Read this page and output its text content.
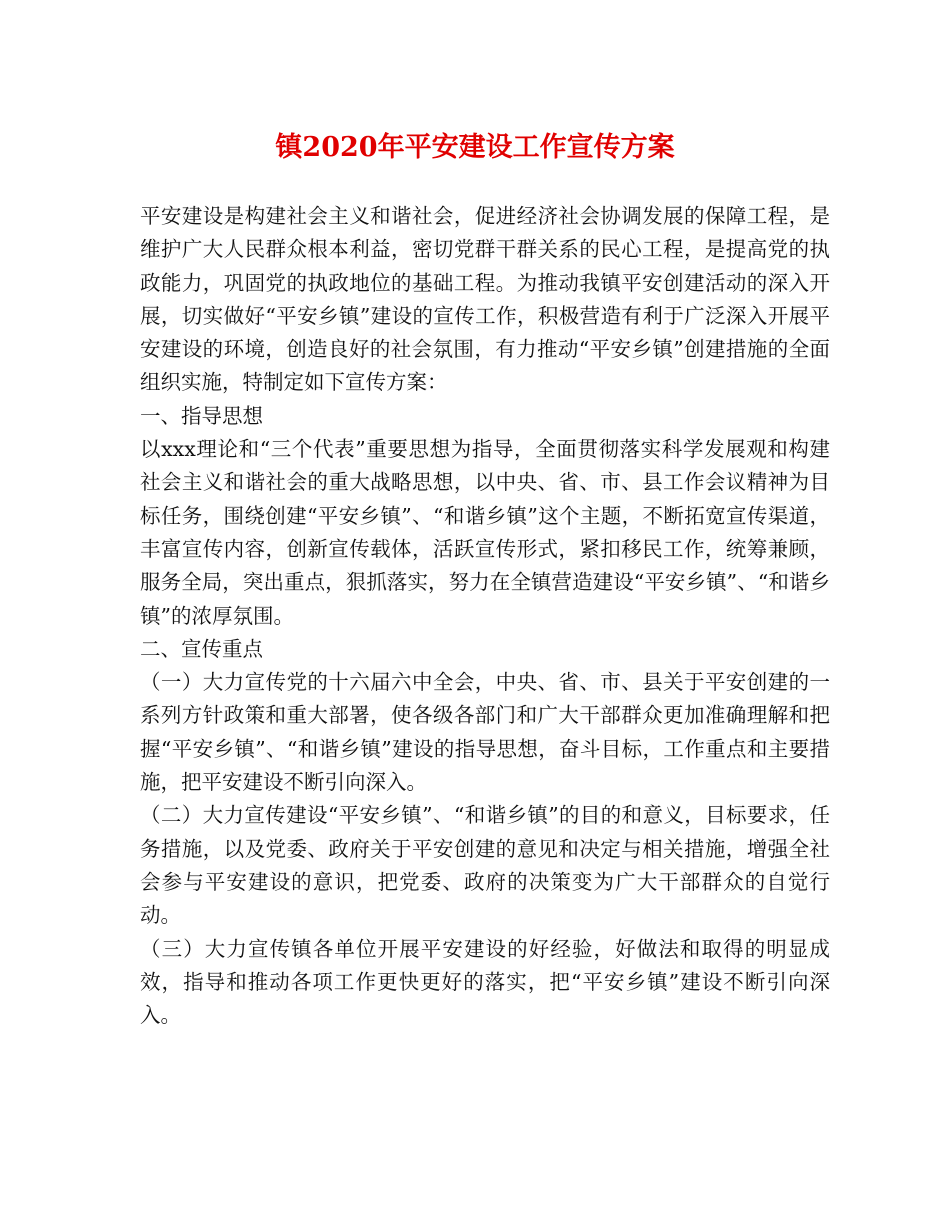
镇2020年平安建设工作宣传方案

平安建设是构建社会主义和谐社会，促进经济社会协调发展的保障工程，是维护广大人民群众根本利益，密切党群干群关系的民心工程，是提高党的执政能力，巩固党的执政地位的基础工程。为推动我镇平安创建活动的深入开展，切实做好“平安乡镇”建设的宣传工作，积极营造有利于广泛深入开展平安建设的环境，创造良好的社会氛围，有力推动“平安乡镇”创建措施的全面组织实施，特制定如下宣传方案：

一、指导思想

以xxx理论和“三个代表”重要思想为指导，全面贯彻落实科学发展观和构建社会主义和谐社会的重大战略思想，以中央、省、市、县工作会议精神为目标任务，围绕创建“平安乡镇”、“和谐乡镇”这个主题，不断拓宽宣传渠道，丰富宣传内容，创新宣传载体，活跃宣传形式，紧扣移民工作，统筹兼顾，服务全局，突出重点，狠抓落实，努力在全镇营造建设“平安乡镇”、“和谐乡镇”的浓厚氛围。

二、宣传重点

（一）大力宣传党的十六届六中全会，中央、省、市、县关于平安创建的一系列方针政策和重大部署，使各级各部门和广大干部群众更加准确理解和把握“平安乡镇”、“和谐乡镇”建设的指导思想，奋斗目标，工作重点和主要措施，把平安建设不断引向深入。

（二）大力宣传建设“平安乡镇”、“和谐乡镇”的目的和意义，目标要求，任务措施，以及党委、政府关于平安创建的意见和决定与相关措施，增强全社会参与平安建设的意识，把党委、政府的决策变为广大干部群众的自觉行动。

（三）大力宣传镇各单位开展平安建设的好经验，好做法和取得的明显成效，指导和推动各项工作更快更好的落实，把“平安乡镇”建设不断引向深入。
